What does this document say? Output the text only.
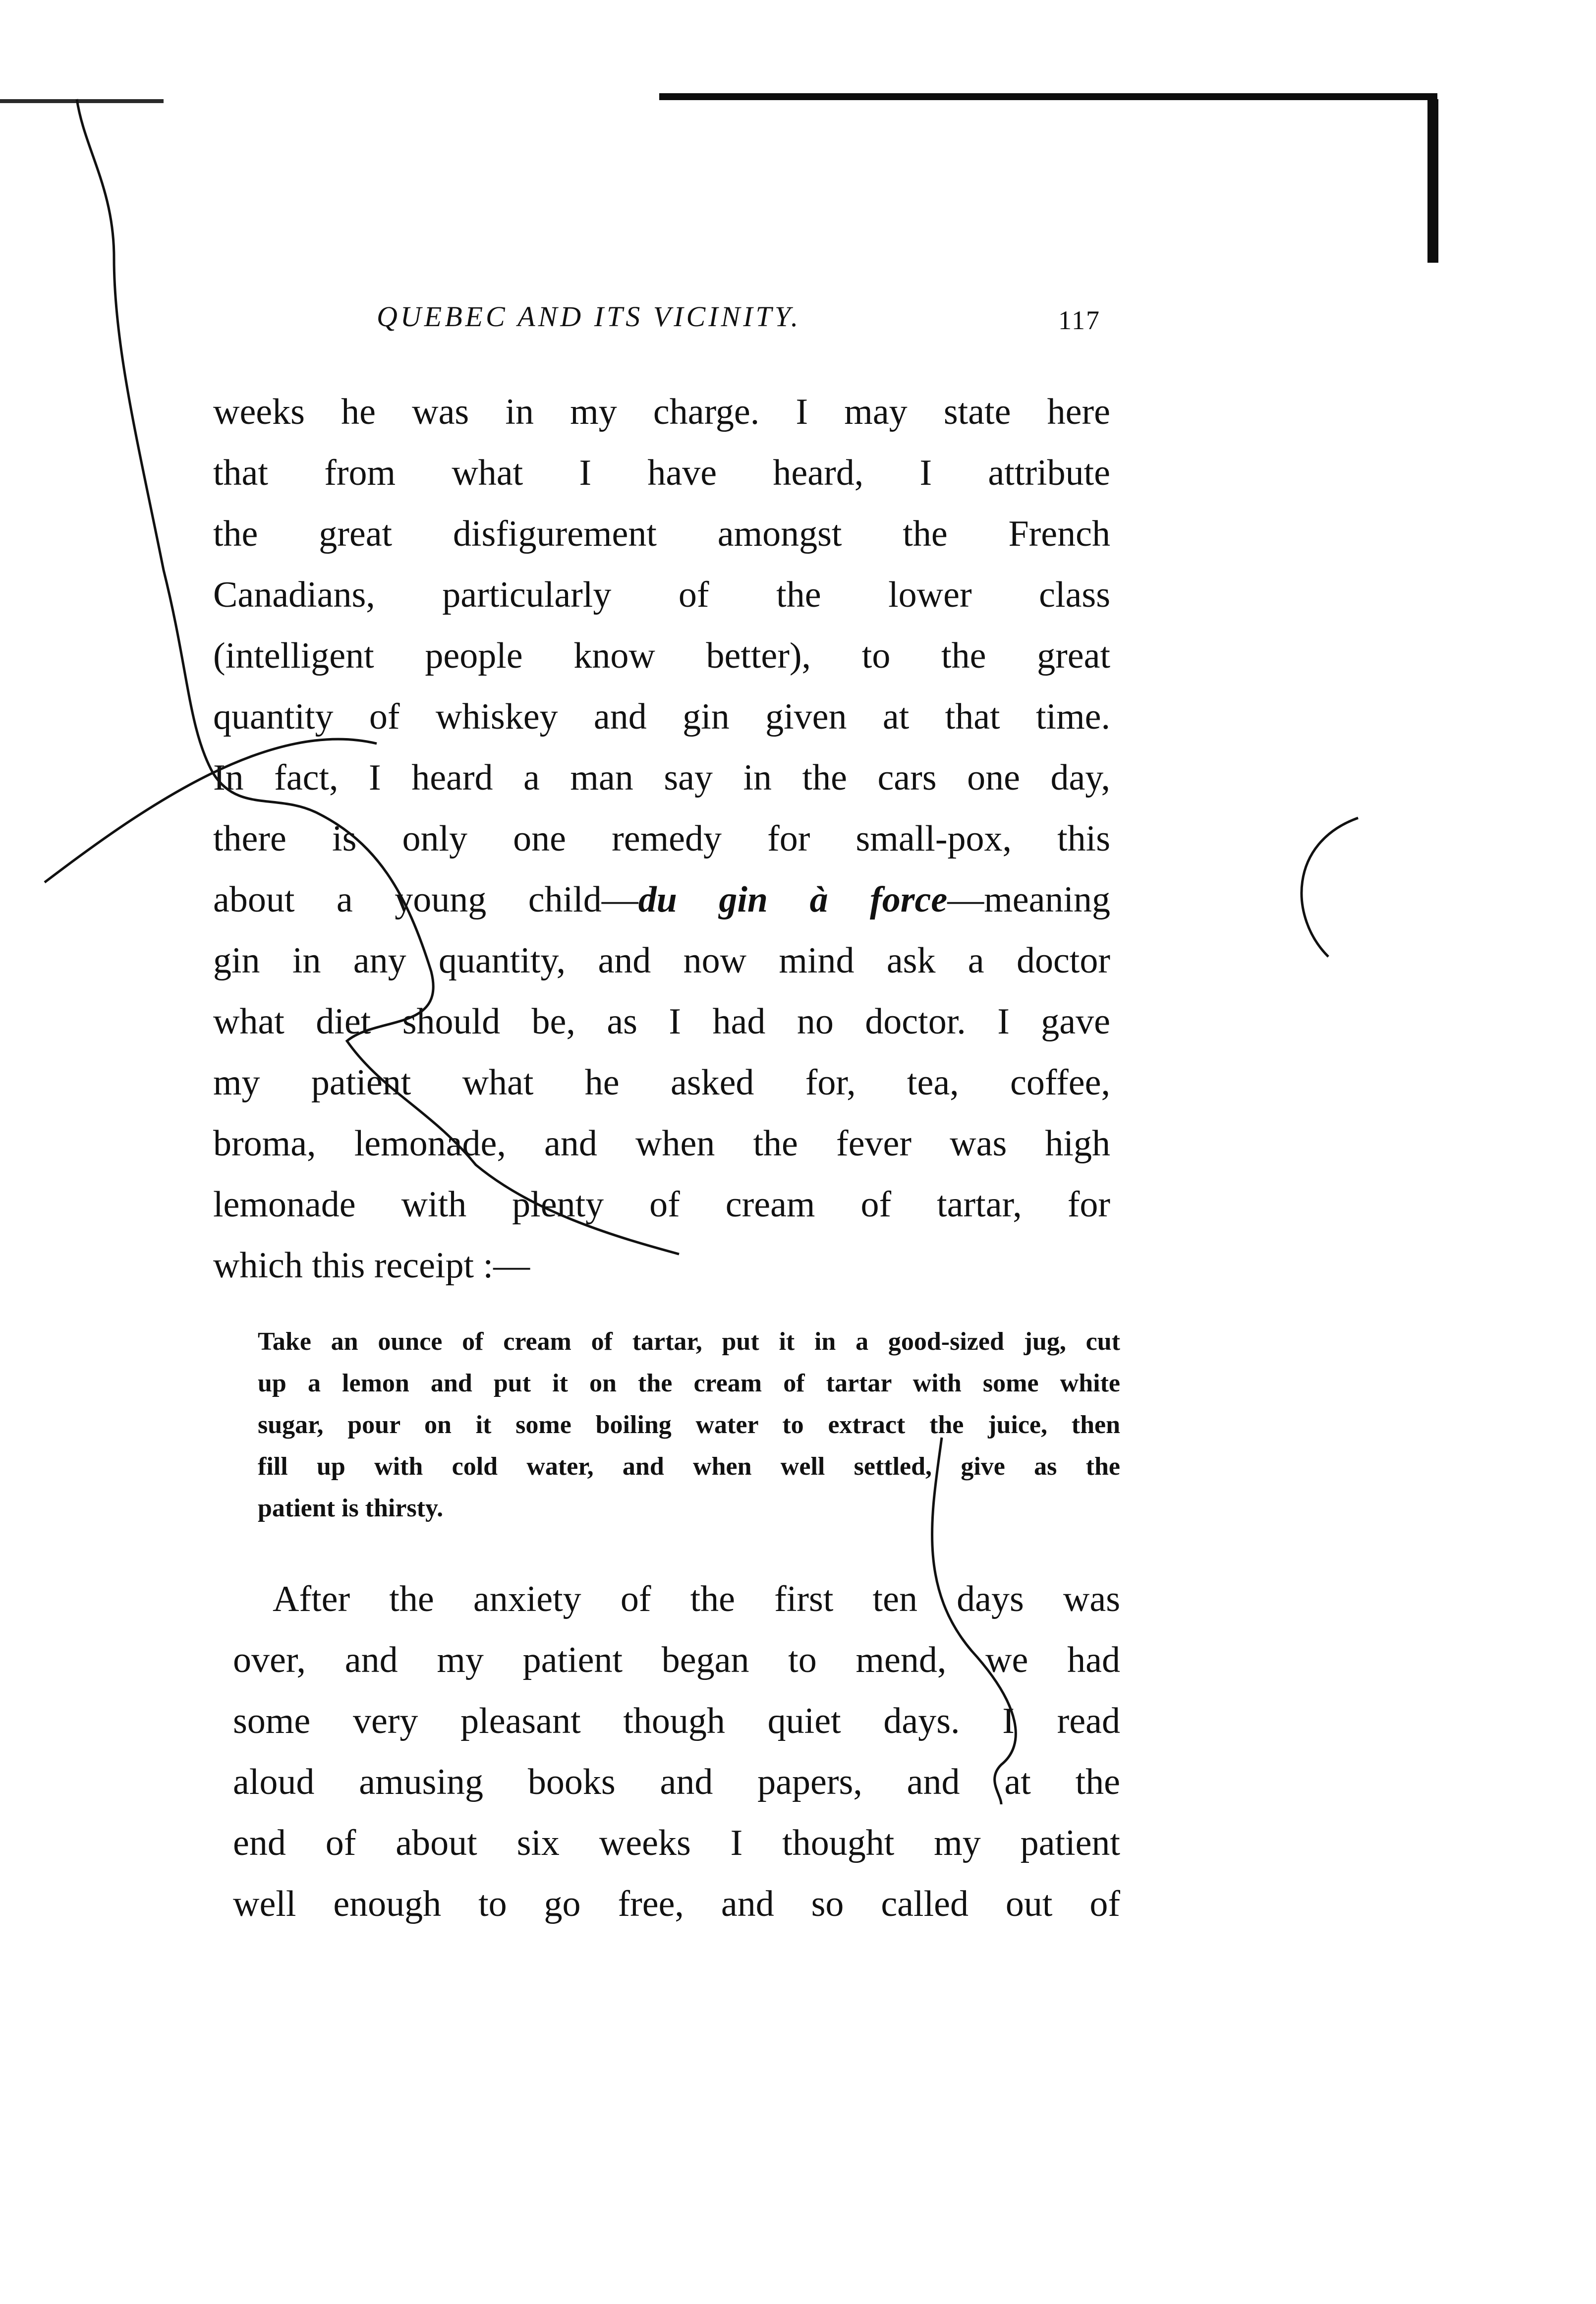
QUEBEC AND ITS VICINITY.	117
weeks he was in my charge. I may state here
that from what I have heard, I attribute
the great disfigurement amongst the French
Canadians, particularly of the lower class
(intelligent people know better), to the great
quantity of whiskey and gin given at that time.
In fact, I heard a man say in the cars one day,
there is only one remedy for small-pox, this
about a young child—du gin à force—meaning
gin in any quantity, and now mind ask a doctor
what diet should be, as I had no doctor. I gave
my patient what he asked for, tea, coffee,
broma, lemonade, and when the fever was high
lemonade with plenty of cream of tartar, for
which this receipt :—
Take an ounce of cream of tartar, put it in a good-sized jug, cut
up a lemon and put it on the cream of tartar with some white
sugar, pour on it some boiling water to extract the juice, then
fill up with cold water, and when well settled, give as the
patient is thirsty.
After the anxiety of the first ten days was
over, and my patient began to mend, we had
some very pleasant though quiet days. I read
aloud amusing books and papers, and at the
end of about six weeks I thought my patient
well enough to go free, and so called out of
